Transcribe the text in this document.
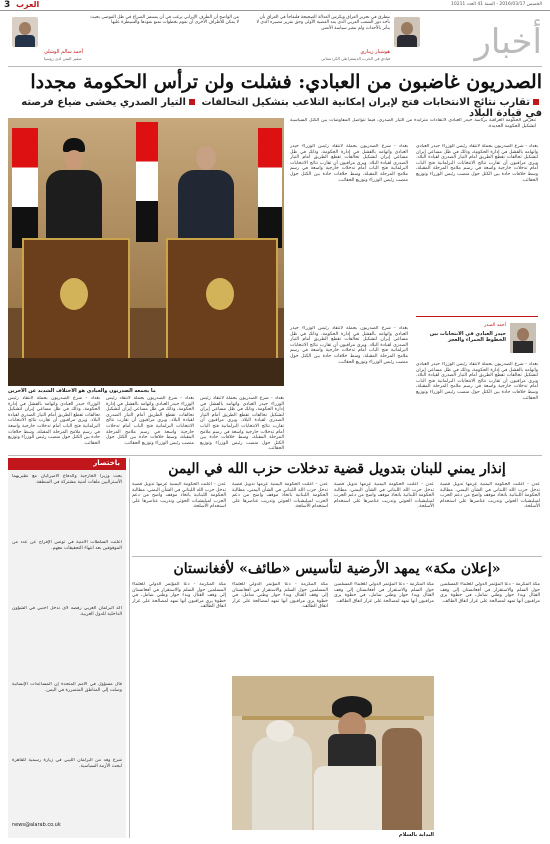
3 العرب	الخميس 2016/03/17 - السنة 41 العدد 10211
أخبار
نتطرق في تحرير العراق ويكرس العدالة الصحيحة فلنفاجأ في العراق بأن نأخذ دور الشعب العربي الذي يعد القضية الأولى وحق تقرير مصيره الذي لا يتأثر بالأحداث ولم تتغير سياسة الأمس
هوشيار زيباري
قيادي في الحزب الديمقراطي الكردستاني
من الواضح أن الطرف الإيراني يرغب في أن يستمر الصراع في ظل الفوضى بحيث لا يمكن للأطراف الأخرى أن تقوم بخطوات تمنع نفوذها والسيطرة عليها
أحمد سالم الوشلي
سفير اليمن لدى روسيا
الصدريون غاضبون من العبادي: فشلت ولن ترأس الحكومة مجددا
تقارب نتائج الانتخابات فتح لإيران إمكانية التلاعب بتشكيل التحالفات التيار الصدري يخشى ضياع فرصته في قيادة البلاد
تتعرض الحكومة العراقية برئاسة حيدر العبادي لانتقادات متزايدة من التيار الصدري، فيما تتواصل المفاوضات بين الكتل السياسية لتشكيل الحكومة الجديدة.
ما يجمعه الصدريون والعبادي هو الاختلاف الشديد عن الآخرين
بغداد - شرع الصدريون بحملة لانتقاد رئيس الوزراء حيدر العبادي واتهامه بالفشل في إدارة الحكومة، وذلك في ظل مساعي إيران لتشكيل تحالفات تقطع الطريق أمام التيار الصدري لقيادة البلاد. ويرى مراقبون أن تقارب نتائج الانتخابات البرلمانية فتح الباب أمام تدخلات خارجية واسعة في رسم ملامح المرحلة المقبلة، وسط خلافات حادة بين الكتل حول منصب رئيس الوزراء وتوزيع الحقائب.
بغداد - شرع الصدريون بحملة لانتقاد رئيس الوزراء حيدر العبادي واتهامه بالفشل في إدارة الحكومة، وذلك في ظل مساعي إيران لتشكيل تحالفات تقطع الطريق أمام التيار الصدري لقيادة البلاد. ويرى مراقبون أن تقارب نتائج الانتخابات البرلمانية فتح الباب أمام تدخلات خارجية واسعة في رسم ملامح المرحلة المقبلة، وسط خلافات حادة بين الكتل حول منصب رئيس الوزراء وتوزيع الحقائب.
أحمد الصدر
حيدر العبادي في الانتخابات بين الخطوط الحمراء والعجز
بغداد - شرع الصدريون بحملة لانتقاد رئيس الوزراء حيدر العبادي واتهامه بالفشل في إدارة الحكومة، وذلك في ظل مساعي إيران لتشكيل تحالفات تقطع الطريق أمام التيار الصدري لقيادة البلاد. ويرى مراقبون أن تقارب نتائج الانتخابات البرلمانية فتح الباب أمام تدخلات خارجية واسعة في رسم ملامح المرحلة المقبلة، وسط خلافات حادة بين الكتل حول منصب رئيس الوزراء وتوزيع الحقائب.
بغداد - شرع الصدريون بحملة لانتقاد رئيس الوزراء حيدر العبادي واتهامه بالفشل في إدارة الحكومة، وذلك في ظل مساعي إيران لتشكيل تحالفات تقطع الطريق أمام التيار الصدري لقيادة البلاد. ويرى مراقبون أن تقارب نتائج الانتخابات البرلمانية فتح الباب أمام تدخلات خارجية واسعة في رسم ملامح المرحلة المقبلة، وسط خلافات حادة بين الكتل حول منصب رئيس الوزراء وتوزيع الحقائب.
بغداد - شرع الصدريون بحملة لانتقاد رئيس الوزراء حيدر العبادي واتهامه بالفشل في إدارة الحكومة، وذلك في ظل مساعي إيران لتشكيل تحالفات تقطع الطريق أمام التيار الصدري لقيادة البلاد. ويرى مراقبون أن تقارب نتائج الانتخابات البرلمانية فتح الباب أمام تدخلات خارجية واسعة في رسم ملامح المرحلة المقبلة، وسط خلافات حادة بين الكتل حول منصب رئيس الوزراء وتوزيع الحقائب.
بغداد - شرع الصدريون بحملة لانتقاد رئيس الوزراء حيدر العبادي واتهامه بالفشل في إدارة الحكومة، وذلك في ظل مساعي إيران لتشكيل تحالفات تقطع الطريق أمام التيار الصدري لقيادة البلاد. ويرى مراقبون أن تقارب نتائج الانتخابات البرلمانية فتح الباب أمام تدخلات خارجية واسعة في رسم ملامح المرحلة المقبلة، وسط خلافات حادة بين الكتل حول منصب رئيس الوزراء وتوزيع الحقائب.
بغداد - شرع الصدريون بحملة لانتقاد رئيس الوزراء حيدر العبادي واتهامه بالفشل في إدارة الحكومة، وذلك في ظل مساعي إيران لتشكيل تحالفات تقطع الطريق أمام التيار الصدري لقيادة البلاد. ويرى مراقبون أن تقارب نتائج الانتخابات البرلمانية فتح الباب أمام تدخلات خارجية واسعة في رسم ملامح المرحلة المقبلة، وسط خلافات حادة بين الكتل حول منصب رئيس الوزراء وتوزيع الحقائب.
باختصار
بحث وزيرا الخارجية والدفاع الأميركيان مع نظيريهما الأستراليين ملفات أمنية مشتركة في المنطقة.
أعلنت السلطات الأمنية في تونس الإفراج عن عدد من الموقوفين بعد انتهاء التحقيقات معهم.
أكد البرلمان العربي رفضه لأي تدخل أجنبي في الشؤون الداخلية للدول العربية.
قال مسؤول في الأمم المتحدة إن المساعدات الإنسانية وصلت إلى المناطق المتضررة في اليمن.
شرع وفد من البرلمان الليبي في زيارة رسمية للقاهرة لبحث الأزمة السياسية.
news@alarab.co.uk
إنذار يمني للبنان بتدويل قضية تدخلات حزب الله في اليمن
عدن - أعلنت الحكومة اليمنية عزمها تدويل قضية تدخل حزب الله اللبناني في الشأن اليمني، مطالبة الحكومة اللبنانية باتخاذ موقف واضح من دعم الحزب لميليشيات الحوثي وتدريب عناصرها على استخدام الأسلحة.
عدن - أعلنت الحكومة اليمنية عزمها تدويل قضية تدخل حزب الله اللبناني في الشأن اليمني، مطالبة الحكومة اللبنانية باتخاذ موقف واضح من دعم الحزب لميليشيات الحوثي وتدريب عناصرها على استخدام الأسلحة.
عدن - أعلنت الحكومة اليمنية عزمها تدويل قضية تدخل حزب الله اللبناني في الشأن اليمني، مطالبة الحكومة اللبنانية باتخاذ موقف واضح من دعم الحزب لميليشيات الحوثي وتدريب عناصرها على استخدام الأسلحة.
عدن - أعلنت الحكومة اليمنية عزمها تدويل قضية تدخل حزب الله اللبناني في الشأن اليمني، مطالبة الحكومة اللبنانية باتخاذ موقف واضح من دعم الحزب لميليشيات الحوثي وتدريب عناصرها على استخدام الأسلحة.
«إعلان مكة» يمهد الأرضية لتأسيس «طائف» لأفغانستان
مكة المكرمة - دعا المؤتمر الدولي للعلماء المسلمين حول السلم والاستقرار في أفغانستان إلى وقف القتال وبدء حوار وطني شامل، في خطوة يرى مراقبون أنها تمهد لمصالحة على غرار اتفاق الطائف.
مكة المكرمة - دعا المؤتمر الدولي للعلماء المسلمين حول السلم والاستقرار في أفغانستان إلى وقف القتال وبدء حوار وطني شامل، في خطوة يرى مراقبون أنها تمهد لمصالحة على غرار اتفاق الطائف.
مكة المكرمة - دعا المؤتمر الدولي للعلماء المسلمين حول السلم والاستقرار في أفغانستان إلى وقف القتال وبدء حوار وطني شامل، في خطوة يرى مراقبون أنها تمهد لمصالحة على غرار اتفاق الطائف.
مكة المكرمة - دعا المؤتمر الدولي للعلماء المسلمين حول السلم والاستقرار في أفغانستان إلى وقف القتال وبدء حوار وطني شامل، في خطوة يرى مراقبون أنها تمهد لمصالحة على غرار اتفاق الطائف.
البداية بالسلام
